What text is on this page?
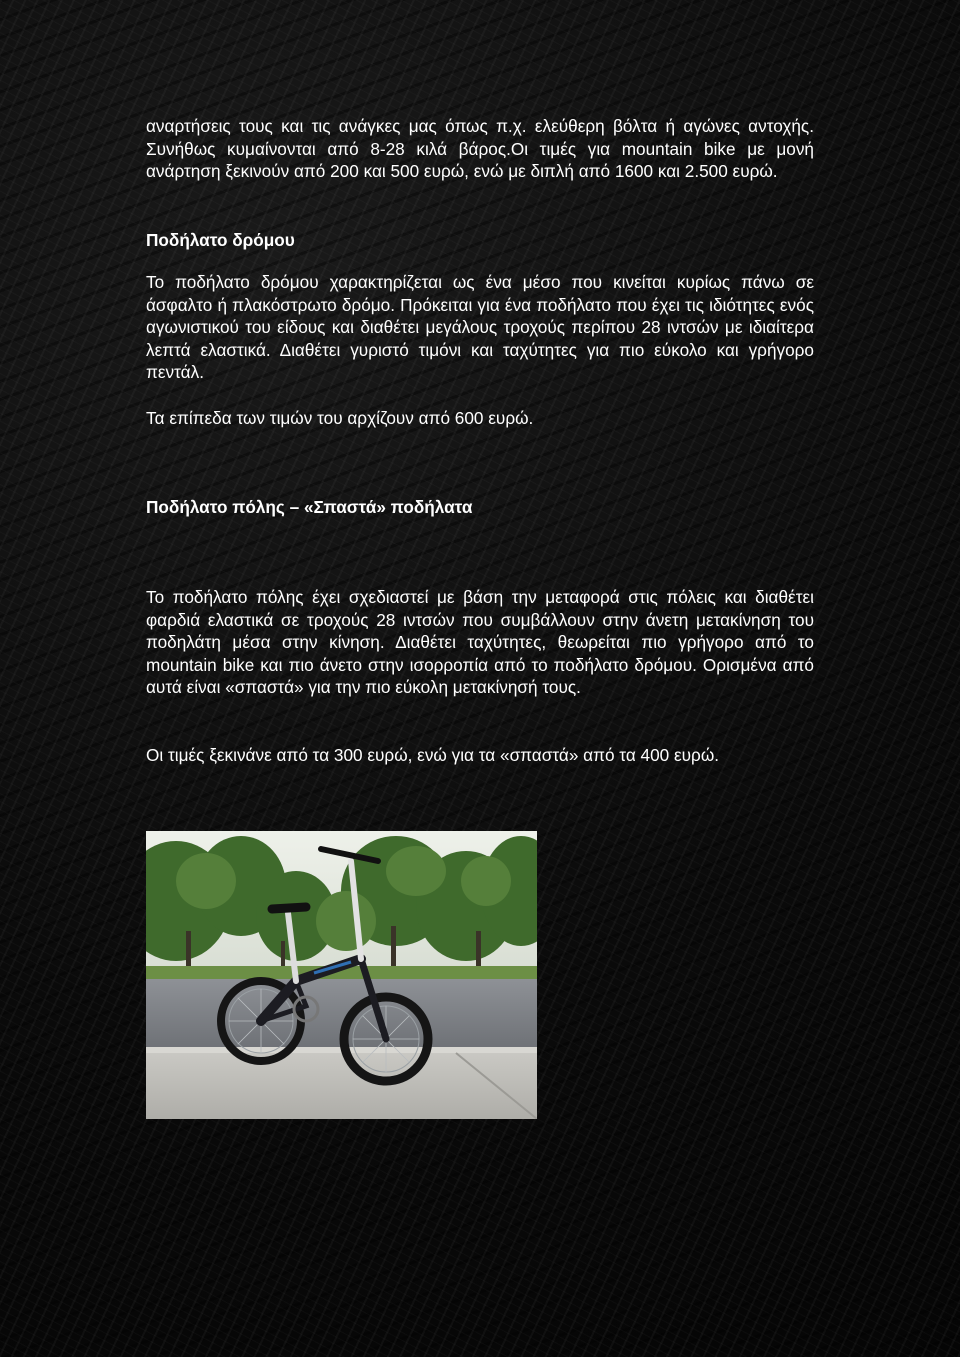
αναρτήσεις τους και τις ανάγκες μας όπως π.χ. ελεύθερη βόλτα ή αγώνες αντοχής. Συνήθως κυμαίνονται από 8-28 κιλά βάρος.Οι τιμές για mountain bike με μονή ανάρτηση ξεκινούν από 200 και 500 ευρώ, ενώ με διπλή από 1600 και 2.500 ευρώ.

Ποδήλατο δρόμου

Το ποδήλατο δρόμου χαρακτηρίζεται ως ένα μέσο που κινείται κυρίως πάνω σε άσφαλτο ή πλακόστρωτο δρόμο. Πρόκειται για ένα ποδήλατο που έχει τις ιδιότητες ενός αγωνιστικού του είδους και διαθέτει μεγάλους τροχούς περίπου 28 ιντσών με ιδιαίτερα λεπτά ελαστικά. Διαθέτει γυριστό τιμόνι και ταχύτητες για πιο εύκολο και γρήγορο πεντάλ.

Τα επίπεδα των τιμών του αρχίζουν από 600 ευρώ.

Ποδήλατο πόλης – «Σπαστά» ποδήλατα

Το ποδήλατο πόλης έχει σχεδιαστεί με βάση την μεταφορά στις πόλεις και διαθέτει φαρδιά ελαστικά σε τροχούς 28 ιντσών που συμβάλλουν στην άνετη μετακίνηση του ποδηλάτη μέσα στην κίνηση. Διαθέτει ταχύτητες, θεωρείται πιο γρήγορο από το mountain bike και πιο άνετο στην ισορροπία από το ποδήλατο δρόμου. Ορισμένα από αυτά είναι «σπαστά» για την πιο εύκολη μετακίνησή τους.

Οι τιμές ξεκινάνε από τα 300 ευρώ, ενώ για τα «σπαστά» από τα 400 ευρώ.
